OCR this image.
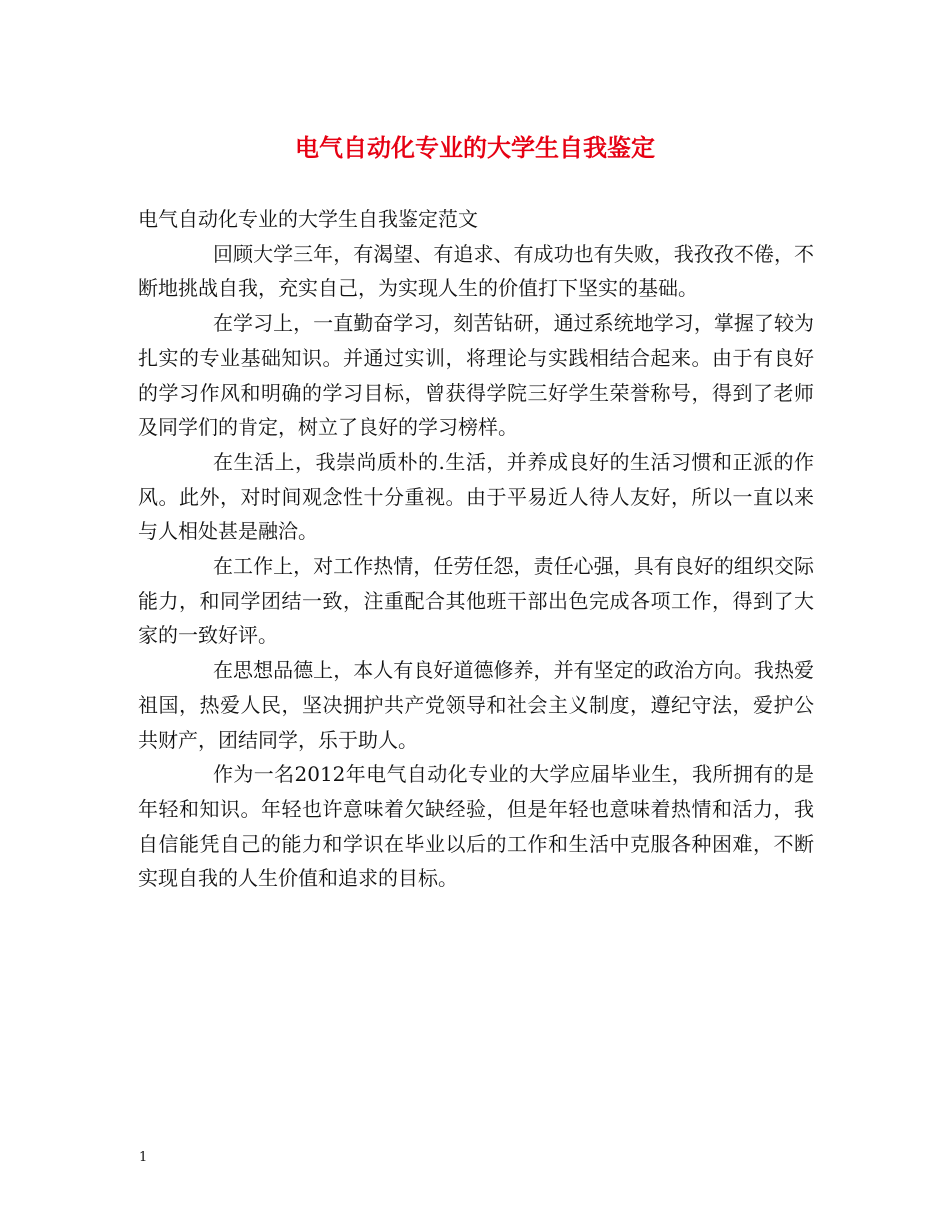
电气自动化专业的大学生自我鉴定

电气自动化专业的大学生自我鉴定范文

回顾大学三年，有渴望、有追求、有成功也有失败，我孜孜不倦，不断地挑战自我，充实自己，为实现人生的价值打下坚实的基础。

在学习上，一直勤奋学习，刻苦钻研，通过系统地学习，掌握了较为扎实的专业基础知识。并通过实训，将理论与实践相结合起来。由于有良好的学习作风和明确的学习目标，曾获得学院三好学生荣誉称号，得到了老师及同学们的肯定，树立了良好的学习榜样。

在生活上，我崇尚质朴的.生活，并养成良好的生活习惯和正派的作风。此外，对时间观念性十分重视。由于平易近人待人友好，所以一直以来与人相处甚是融洽。

在工作上，对工作热情，任劳任怨，责任心强，具有良好的组织交际能力，和同学团结一致，注重配合其他班干部出色完成各项工作，得到了大家的一致好评。

在思想品德上，本人有良好道德修养，并有坚定的政治方向。我热爱祖国，热爱人民，坚决拥护共产党领导和社会主义制度，遵纪守法，爱护公共财产，团结同学，乐于助人。

作为一名2012年电气自动化专业的大学应届毕业生，我所拥有的是年轻和知识。年轻也许意味着欠缺经验，但是年轻也意味着热情和活力，我自信能凭自己的能力和学识在毕业以后的工作和生活中克服各种困难，不断实现自我的人生价值和追求的目标。

1
